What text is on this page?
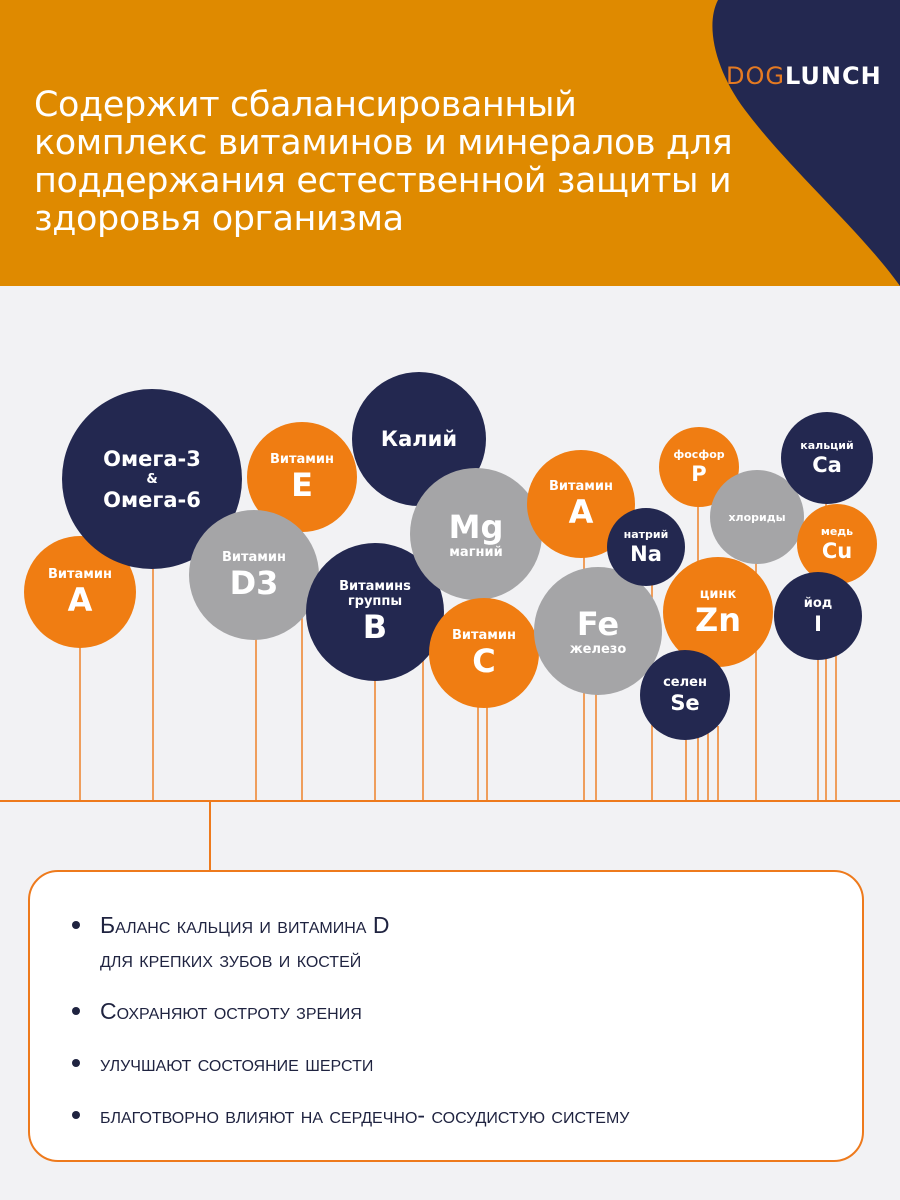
DOGLUNCH
Содержит сбалансированный комплекс витаминов и минералов для поддержания естественной защиты и здоровья организма
Витамин
A
Омега-3
&
Омега-6
Витамин
E
Витамин
D3
Калий
Витаминs
группы
B
Mg
магний
Витамин
C
Витамин
A
Fe
железо
натрий
Na
фосфор
P
хлориды
цинк
Zn
селен
Se
кальций
Ca
медь
Cu
йод
I
Баланс кальция и витамина D
для крепких зубов и костей
Сохраняют остроту зрения
улучшают состояние шерсти
благотворно влияют на сердечно- сосудистую систему
